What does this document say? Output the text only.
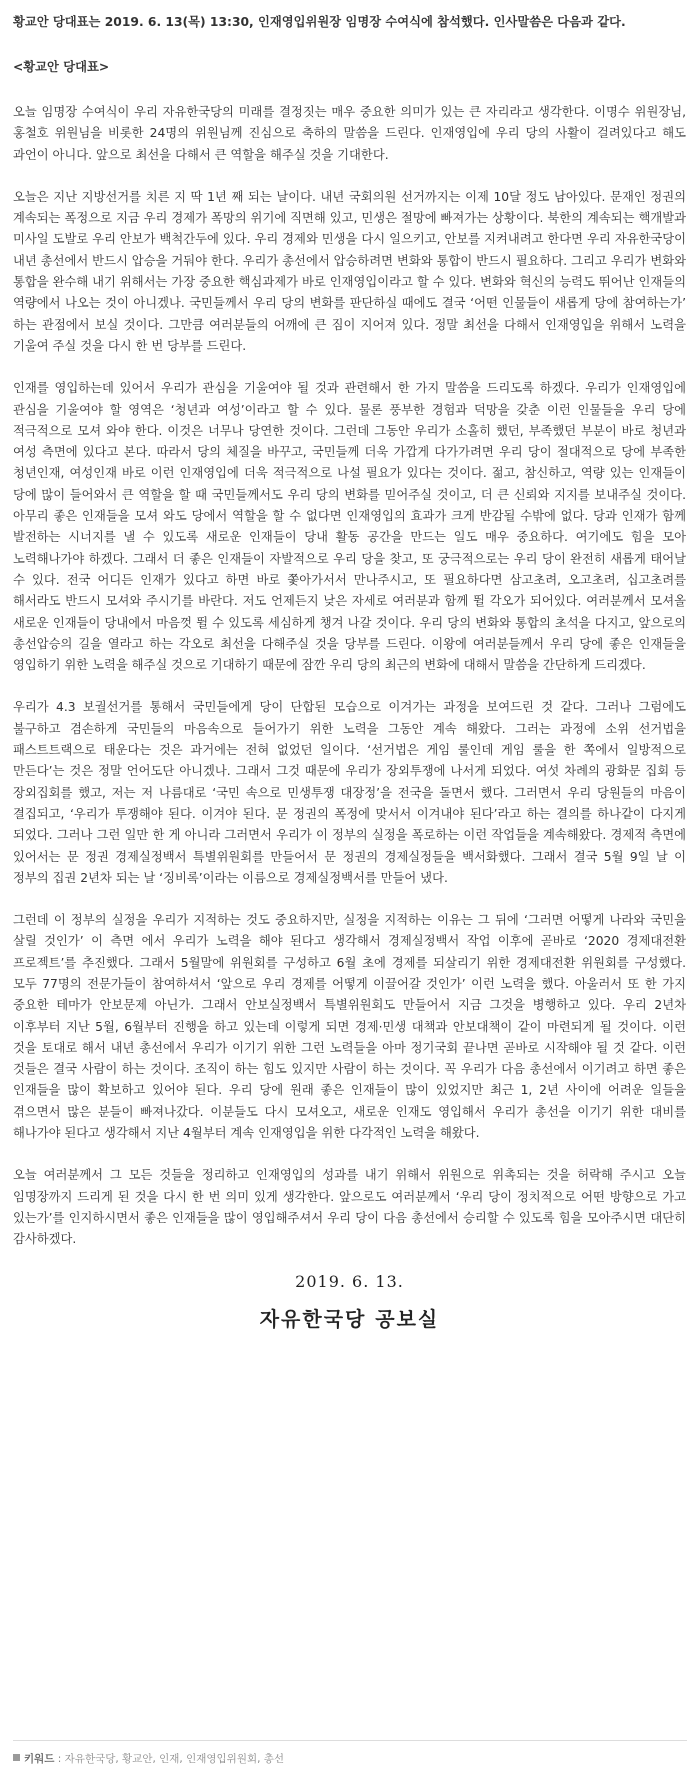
황교안 당대표는 2019. 6. 13(목) 13:30, 인재영입위원장 임명장 수여식에 참석했다. 인사말씀은 다음과 같다.

<황교안 당대표>

오늘 임명장 수여식이 우리 자유한국당의 미래를 결정짓는 매우 중요한 의미가 있는 큰 자리라고 생각한다. 이명수 위원장님, 홍철호 위원님을 비롯한 24명의 위원님께 진심으로 축하의 말씀을 드린다. 인재영입에 우리 당의 사활이 걸려있다고 해도 과언이 아니다. 앞으로 최선을 다해서 큰 역할을 해주실 것을 기대한다.

오늘은 지난 지방선거를 치른 지 딱 1년 째 되는 날이다. 내년 국회의원 선거까지는 이제 10달 정도 남아있다. 문재인 정권의 계속되는 폭정으로 지금 우리 경제가 폭망의 위기에 직면해 있고, 민생은 절망에 빠져가는 상황이다. 북한의 계속되는 핵개발과 미사일 도발로 우리 안보가 백척간두에 있다. 우리 경제와 민생을 다시 일으키고, 안보를 지켜내려고 한다면 우리 자유한국당이 내년 총선에서 반드시 압승을 거둬야 한다. 우리가 총선에서 압승하려면 변화와 통합이 반드시 필요하다. 그리고 우리가 변화와 통합을 완수해 내기 위해서는 가장 중요한 핵심과제가 바로 인재영입이라고 할 수 있다. 변화와 혁신의 능력도 뛰어난 인재들의 역량에서 나오는 것이 아니겠나. 국민들께서 우리 당의 변화를 판단하실 때에도 결국 ‘어떤 인물들이 새롭게 당에 참여하는가’ 하는 관점에서 보실 것이다. 그만큼 여러분들의 어깨에 큰 짐이 지어져 있다. 정말 최선을 다해서 인재영입을 위해서 노력을 기울여 주실 것을 다시 한 번 당부를 드린다.

인재를 영입하는데 있어서 우리가 관심을 기울여야 될 것과 관련해서 한 가지 말씀을 드리도록 하겠다. 우리가 인재영입에 관심을 기울여야 할 영역은 ‘청년과 여성’이라고 할 수 있다. 물론 풍부한 경험과 덕망을 갖춘 이런 인물들을 우리 당에 적극적으로 모셔 와야 한다. 이것은 너무나 당연한 것이다. 그런데 그동안 우리가 소홀히 했던, 부족했던 부분이 바로 청년과 여성 측면에 있다고 본다. 따라서 당의 체질을 바꾸고, 국민들께 더욱 가깝게 다가가려면 우리 당이 절대적으로 당에 부족한 청년인재, 여성인재 바로 이런 인재영입에 더욱 적극적으로 나설 필요가 있다는 것이다. 젊고, 참신하고, 역량 있는 인재들이 당에 많이 들어와서 큰 역할을 할 때 국민들께서도 우리 당의 변화를 믿어주실 것이고, 더 큰 신뢰와 지지를 보내주실 것이다. 아무리 좋은 인재들을 모셔 와도 당에서 역할을 할 수 없다면 인재영입의 효과가 크게 반감될 수밖에 없다. 당과 인재가 함께 발전하는 시너지를 낼 수 있도록 새로운 인재들이 당내 활동 공간을 만드는 일도 매우 중요하다. 여기에도 힘을 모아 노력해나가야 하겠다. 그래서 더 좋은 인재들이 자발적으로 우리 당을 찾고, 또 궁극적으로는 우리 당이 완전히 새롭게 태어날 수 있다. 전국 어디든 인재가 있다고 하면 바로 쫓아가서서 만나주시고, 또 필요하다면 삼고초려, 오고초려, 십고초려를 해서라도 반드시 모셔와 주시기를 바란다. 저도 언제든지 낮은 자세로 여러분과 함께 뛸 각오가 되어있다. 여러분께서 모셔올 새로운 인재들이 당내에서 마음껏 뛸 수 있도록 세심하게 챙겨 나갈 것이다. 우리 당의 변화와 통합의 초석을 다지고, 앞으로의 총선압승의 길을 열라고 하는 각오로 최선을 다해주실 것을 당부를 드린다. 이왕에 여러분들께서 우리 당에 좋은 인재들을 영입하기 위한 노력을 해주실 것으로 기대하기 때문에 잠깐 우리 당의 최근의 변화에 대해서 말씀을 간단하게 드리겠다.

우리가 4.3 보궐선거를 통해서 국민들에게 당이 단합된 모습으로 이겨가는 과정을 보여드린 것 같다. 그러나 그럼에도 불구하고 겸손하게 국민들의 마음속으로 들어가기 위한 노력을 그동안 계속 해왔다. 그러는 과정에 소위 선거법을 패스트트랙으로 태운다는 것은 과거에는 전혀 없었던 일이다. ‘선거법은 게임 룰인데 게임 룰을 한 쪽에서 일방적으로 만든다’는 것은 정말 언어도단 아니겠나. 그래서 그것 때문에 우리가 장외투쟁에 나서게 되었다. 여섯 차례의 광화문 집회 등 장외집회를 했고, 저는 저 나름대로 ‘국민 속으로 민생투쟁 대장정’을 전국을 돌면서 했다. 그러면서 우리 당원들의 마음이 결집되고, ‘우리가 투쟁해야 된다. 이겨야 된다. 문 정권의 폭정에 맞서서 이겨내야 된다’라고 하는 결의를 하나같이 다지게 되었다. 그러나 그런 일만 한 게 아니라 그러면서 우리가 이 정부의 실정을 폭로하는 이런 작업들을 계속해왔다. 경제적 측면에 있어서는 문 정권 경제실정백서 특별위원회를 만들어서 문 정권의 경제실정들을 백서화했다. 그래서 결국 5월 9일 날 이 정부의 집권 2년차 되는 날 ‘징비록’이라는 이름으로 경제실정백서를 만들어 냈다.

그런데 이 정부의 실정을 우리가 지적하는 것도 중요하지만, 실정을 지적하는 이유는 그 뒤에 ‘그러면 어떻게 나라와 국민을 살릴 것인가’ 이 측면 에서 우리가 노력을 해야 된다고 생각해서 경제실정백서 작업 이후에 곧바로 ‘2020 경제대전환 프로젝트’를 추진했다. 그래서 5월말에 위원회를 구성하고 6월 초에 경제를 되살리기 위한 경제대전환 위원회를 구성했다. 모두 77명의 전문가들이 참여하셔서 ‘앞으로 우리 경제를 어떻게 이끌어갈 것인가’ 이런 노력을 했다. 아울러서 또 한 가지 중요한 테마가 안보문제 아닌가. 그래서 안보실정백서 특별위원회도 만들어서 지금 그것을 병행하고 있다. 우리 2년차 이후부터 지난 5월, 6월부터 진행을 하고 있는데 이렇게 되면 경제·민생 대책과 안보대책이 같이 마련되게 될 것이다. 이런 것을 토대로 해서 내년 총선에서 우리가 이기기 위한 그런 노력들을 아마 정기국회 끝나면 곧바로 시작해야 될 것 같다. 이런 것들은 결국 사람이 하는 것이다. 조직이 하는 힘도 있지만 사람이 하는 것이다. 꼭 우리가 다음 총선에서 이기려고 하면 좋은 인재들을 많이 확보하고 있어야 된다. 우리 당에 원래 좋은 인재들이 많이 있었지만 최근 1, 2년 사이에 어려운 일들을 겪으면서 많은 분들이 빠져나갔다. 이분들도 다시 모셔오고, 새로운 인재도 영입해서 우리가 총선을 이기기 위한 대비를 해나가야 된다고 생각해서 지난 4월부터 계속 인재영입을 위한 다각적인 노력을 해왔다.

오늘 여러분께서 그 모든 것들을 정리하고 인재영입의 성과를 내기 위해서 위원으로 위촉되는 것을 허락해 주시고 오늘 임명장까지 드리게 된 것을 다시 한 번 의미 있게 생각한다. 앞으로도 여러분께서 ‘우리 당이 정치적으로 어떤 방향으로 가고 있는가’를 인지하시면서 좋은 인재들을 많이 영입해주셔서 우리 당이 다음 총선에서 승리할 수 있도록 힘을 모아주시면 대단히 감사하겠다.

2019. 6. 13.
자유한국당 공보실
키워드 : 자유한국당, 황교안, 인재, 인재영입위원회, 총선
